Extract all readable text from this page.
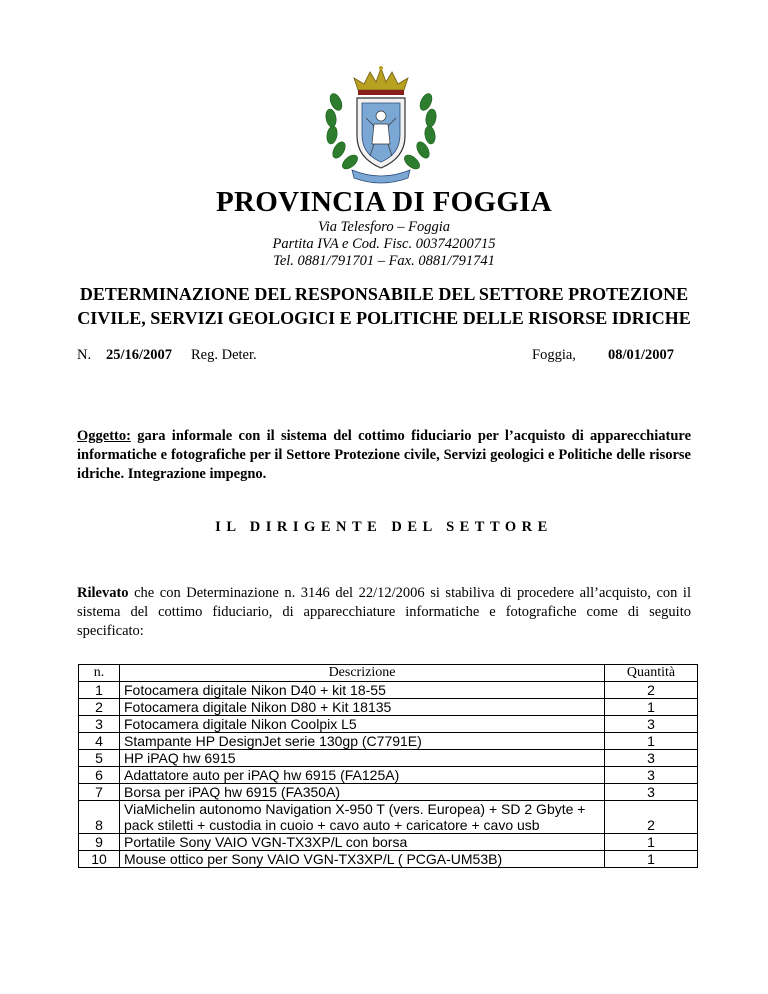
PROVINCIA DI FOGGIA
Via Telesforo – Foggia
Partita IVA e Cod. Fisc. 00374200715
Tel. 0881/791701 – Fax. 0881/791741
DETERMINAZIONE DEL RESPONSABILE DEL SETTORE PROTEZIONE
CIVILE, SERVIZI GEOLOGICI E POLITICHE DELLE RISORSE IDRICHE
N. 25/16/2007 Reg. Deter.	Foggia, 08/01/2007
Oggetto: gara informale con il sistema del cottimo fiduciario per l’acquisto di apparecchiature informatiche e fotografiche per il Settore Protezione civile, Servizi geologici e Politiche delle risorse idriche. Integrazione impegno.
IL DIRIGENTE DEL SETTORE
Rilevato che con Determinazione n. 3146 del 22/12/2006 si stabiliva di procedere all’acquisto, con il sistema del cottimo fiduciario, di apparecchiature informatiche e fotografiche come di seguito specificato:
n.	Descrizione	Quantità
1	Fotocamera digitale Nikon D40 + kit 18-55	2
2	Fotocamera digitale Nikon D80 + Kit 18135	1
3	Fotocamera digitale Nikon Coolpix L5	3
4	Stampante HP DesignJet serie 130gp (C7791E)	1
5	HP iPAQ hw 6915	3
6	Adattatore auto per iPAQ hw 6915 (FA125A)	3
7	Borsa per iPAQ hw 6915 (FA350A)	3
8	ViaMichelin autonomo Navigation X-950 T (vers. Europea) + SD 2 Gbyte + pack stiletti + custodia in cuoio + cavo auto + caricatore + cavo usb	2
9	Portatile Sony VAIO VGN-TX3XP/L con borsa	1
10	Mouse ottico per Sony VAIO VGN-TX3XP/L ( PCGA-UM53B)	1
